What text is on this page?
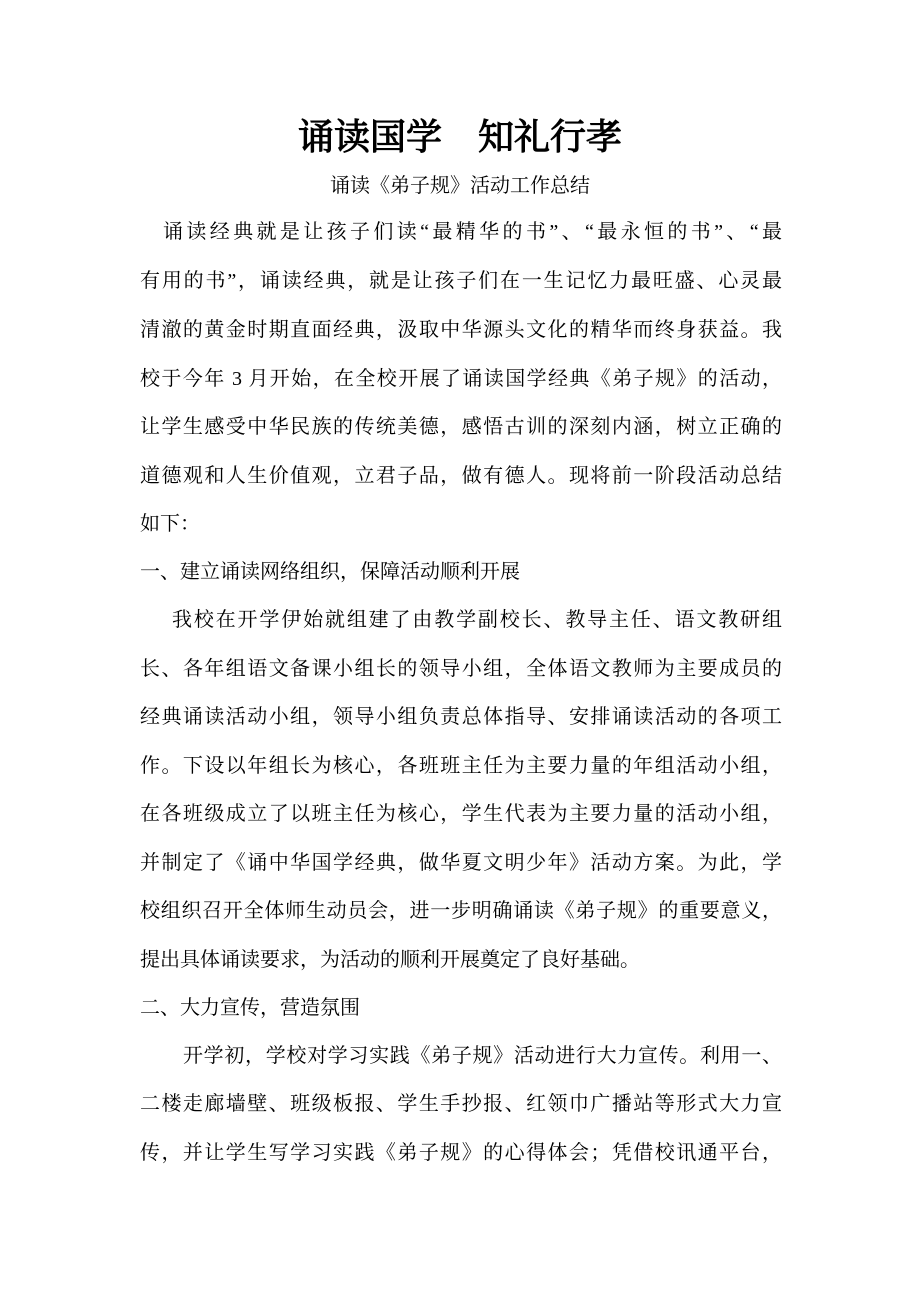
诵读国学    知礼行孝
诵读《弟子规》活动工作总结
诵读经典就是让孩子们读“最精华的书”、“最永恒的书”、“最
有用的书”，诵读经典，就是让孩子们在一生记忆力最旺盛、心灵最
清澈的黄金时期直面经典，汲取中华源头文化的精华而终身获益。我
校于今年 3 月开始，在全校开展了诵读国学经典《弟子规》的活动，
让学生感受中华民族的传统美德，感悟古训的深刻内涵，树立正确的
道德观和人生价值观，立君子品，做有德人。现将前一阶段活动总结
如下：
一、建立诵读网络组织，保障活动顺利开展
我校在开学伊始就组建了由教学副校长、教导主任、语文教研组
长、各年组语文备课小组长的领导小组，全体语文教师为主要成员的
经典诵读活动小组，领导小组负责总体指导、安排诵读活动的各项工
作。下设以年组长为核心，各班班主任为主要力量的年组活动小组，
在各班级成立了以班主任为核心，学生代表为主要力量的活动小组，
并制定了《诵中华国学经典，做华夏文明少年》活动方案。为此，学
校组织召开全体师生动员会，进一步明确诵读《弟子规》的重要意义，
提出具体诵读要求，为活动的顺利开展奠定了良好基础。
二、大力宣传，营造氛围
开学初，学校对学习实践《弟子规》活动进行大力宣传。利用一、
二楼走廊墙壁、班级板报、学生手抄报、红领巾广播站等形式大力宣
传，并让学生写学习实践《弟子规》的心得体会；凭借校讯通平台，
